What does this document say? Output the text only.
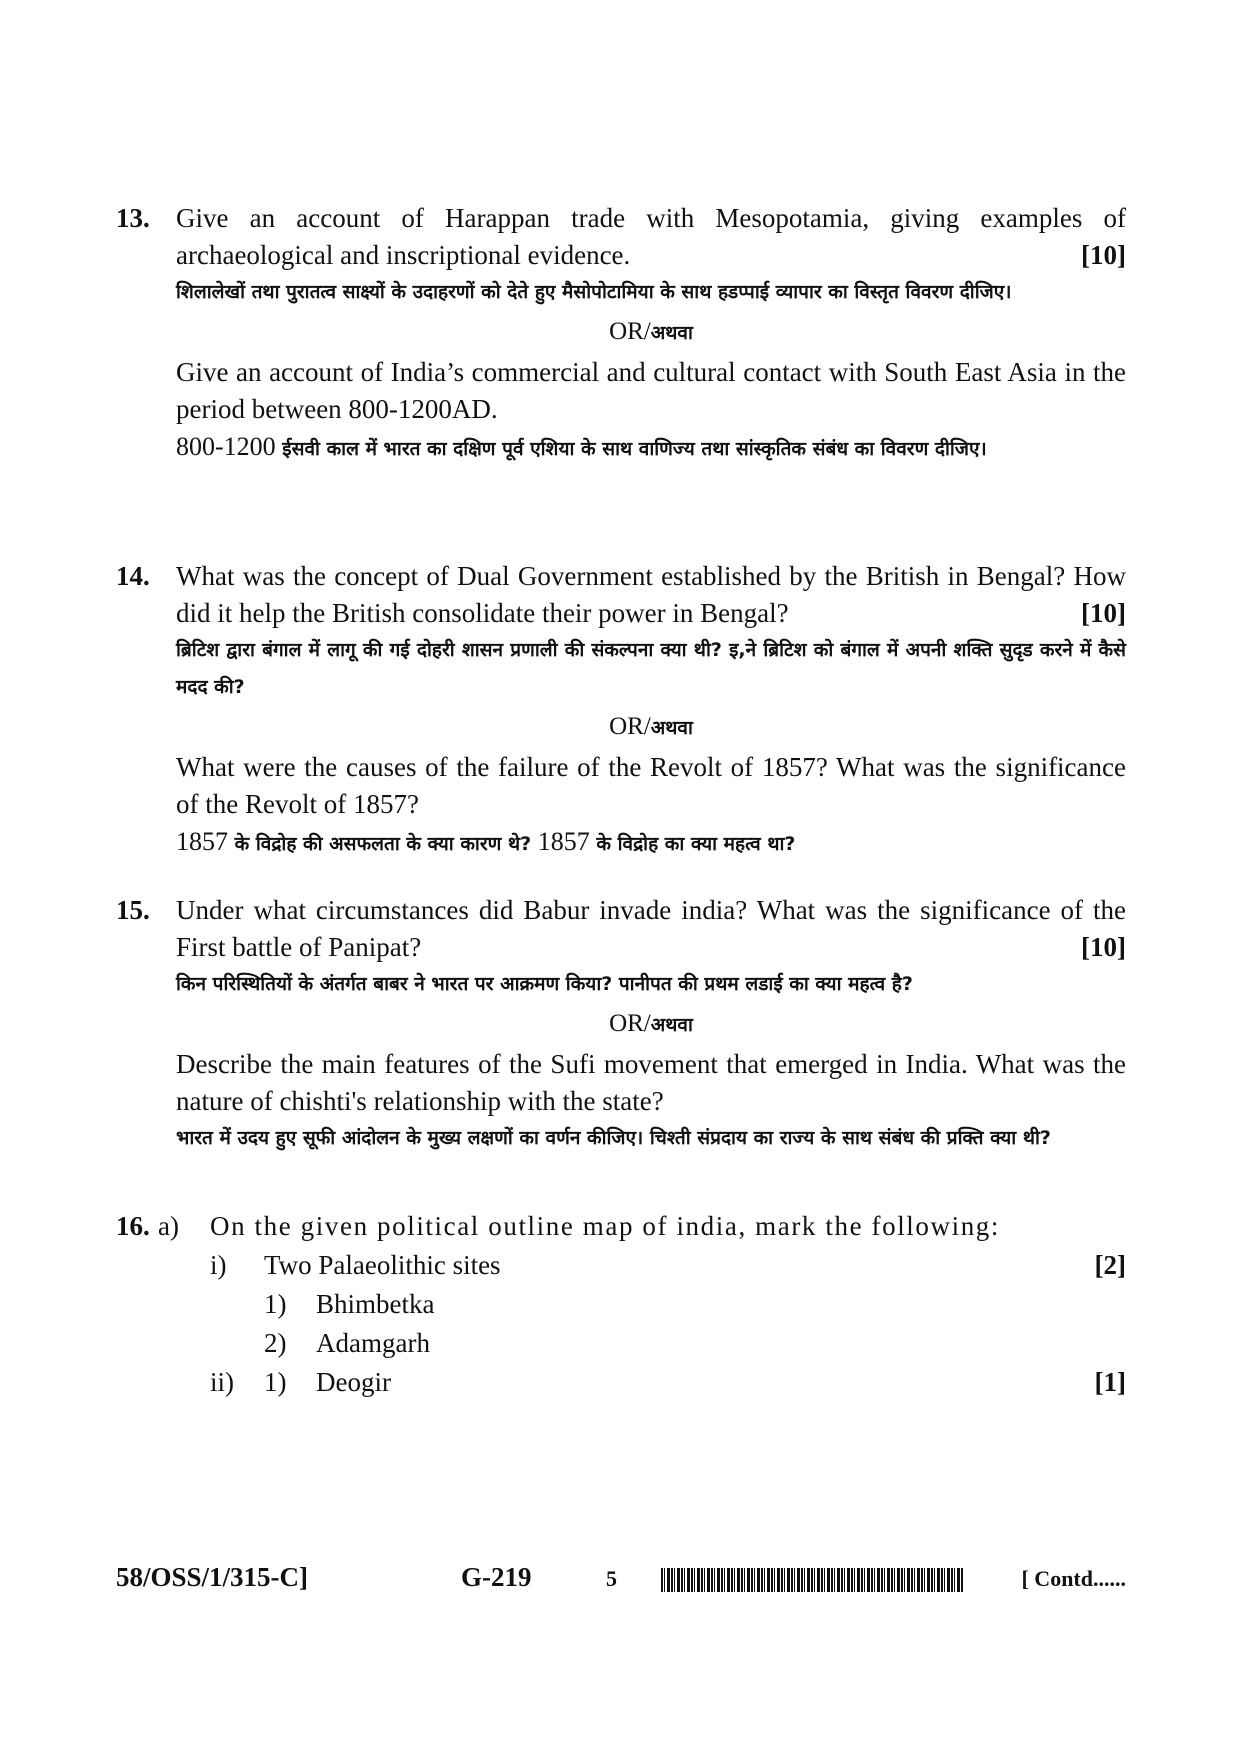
13. Give an account of Harappan trade with Mesopotamia, giving examples of archaeological and inscriptional evidence.	[10]
शिलालेखों तथा पुरातत्व साक्ष्यों के उदाहरणों को देते हुए मैसोपोटामिया के साथ हडप्पाई व्यापार का विस्तृत विवरण दीजिए।
OR/अथवा
Give an account of India’s commercial and cultural contact with South East Asia in the period between 800-1200AD.
800-1200 ईसवी काल में भारत का दक्षिण पूर्व एशिया के साथ वाणिज्य तथा सांस्कृतिक संबंध का विवरण दीजिए।
14. What was the concept of Dual Government established by the British in Bengal? How did it help the British consolidate their power in Bengal?	[10]
ब्रिटिश द्वारा बंगाल में लागू की गई दोहरी शासन प्रणाली की संकल्पना क्या थी? इ,ने ब्रिटिश को बंगाल में अपनी शक्ति सुदृड करने में कैसे मदद की?
OR/अथवा
What were the causes of the failure of the Revolt of 1857? What was the significance of the Revolt of 1857?
1857 के विद्रोह की असफलता के क्या कारण थे? 1857 के विद्रोह का क्या महत्व था?
15. Under what circumstances did Babur invade india? What was the significance of the First battle of Panipat?	[10]
किन परिस्थितियों के अंतर्गत बाबर ने भारत पर आक्रमण किया? पानीपत की प्रथम लडाई का क्या महत्व है?
OR/अथवा
Describe the main features of the Sufi movement that emerged in India. What was the nature of chishti's relationship with the state?
भारत में उदय हुए सूफी आंदोलन के मुख्य लक्षणों का वर्णन कीजिए। चिश्ती संप्रदाय का राज्य के साथ संबंध की प्रक्ति क्या थी?
16. a) On the given political outline map of india, mark the following:
i) Two Palaeolithic sites	[2]
1) Bhimbetka
2) Adamgarh
ii) 1) Deogir	[1]
58/OSS/1/315-C]	G-219	5	[ Contd......
